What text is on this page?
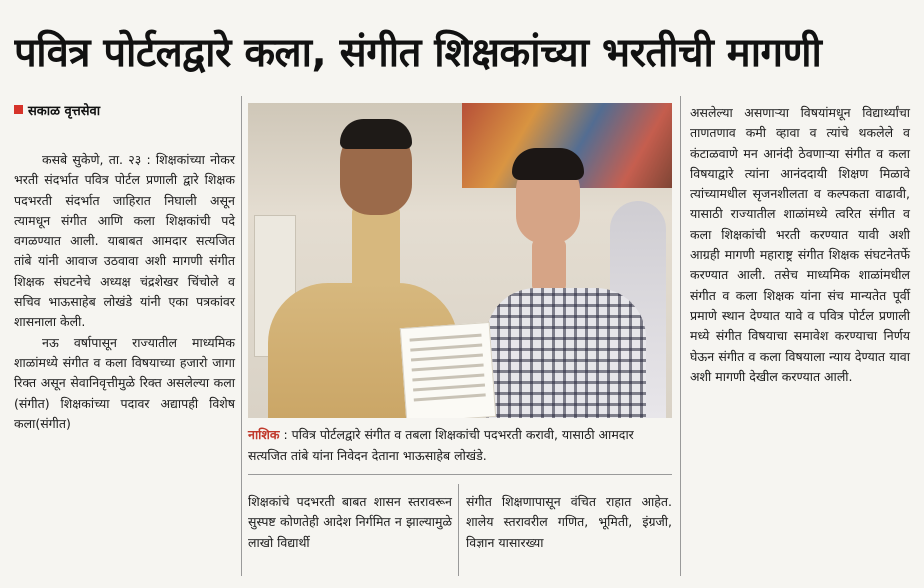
पवित्र पोर्टलद्वारे कला, संगीत शिक्षकांच्या भरतीची मागणी
सकाळ वृत्तसेवा

कसबे सुकेणे, ता. २३ : शिक्षकांच्या नोकर भरती संदर्भात पवित्र पोर्टल प्रणाली द्वारे शिक्षक पदभरती संदर्भात जाहिरात निघाली असून त्यामधून संगीत आणि कला शिक्षकांची पदे वगळण्यात आली. याबाबत आमदार सत्यजित तांबे यांनी आवाज उठवावा अशी मागणी संगीत शिक्षक संघटनेचे अध्यक्ष चंद्रशेखर चिंचोले व सचिव भाऊसाहेब लोखंडे यांनी एका पत्रकांवर शासनाला केली.

नऊ वर्षापासून राज्यातील माध्यमिक शाळांमध्ये संगीत व कला विषयाच्या हजारो जागा रिक्त असून सेवानिवृत्तीमुळे रिक्त असलेल्या कला (संगीत) शिक्षकांच्या पदावर अद्यापही विशेष कला(संगीत)

नाशिक : पवित्र पोर्टलद्वारे संगीत व तबला शिक्षकांची पदभरती करावी, यासाठी आमदार सत्यजित तांबे यांना निवेदन देताना भाऊसाहेब लोखंडे.

शिक्षकांचे पदभरती बाबत शासन स्तरावरून सुस्पष्ट कोणतेही आदेश निर्गमित न झाल्यामुळे लाखो विद्यार्थी

संगीत शिक्षणापासून वंचित राहात आहेत. शालेय स्तरावरील गणित, भूमिती, इंग्रजी, विज्ञान यासारख्या

असलेल्या असणाऱ्या विषयांमधून विद्यार्थ्यांचा ताणतणाव कमी व्हावा व त्यांचे थकलेले व कंटाळवाणे मन आनंदी ठेवणाऱ्या संगीत व कला विषयाद्वारे त्यांना आनंददायी शिक्षण मिळावे त्यांच्यामधील सृजनशीलता व कल्पकता वाढावी, यासाठी राज्यातील शाळांमध्ये त्वरित संगीत व कला शिक्षकांची भरती करण्यात यावी अशी आग्रही मागणी महाराष्ट्र संगीत शिक्षक संघटनेतर्फे करण्यात आली. तसेच माध्यमिक शाळांमधील संगीत व कला शिक्षक यांना संच मान्यतेत पूर्वी प्रमाणे स्थान देण्यात यावे व पवित्र पोर्टल प्रणाली मध्ये संगीत विषयाचा समावेश करण्याचा निर्णय घेऊन संगीत व कला विषयाला न्याय देण्यात यावा अशी मागणी देखील करण्यात आली.
